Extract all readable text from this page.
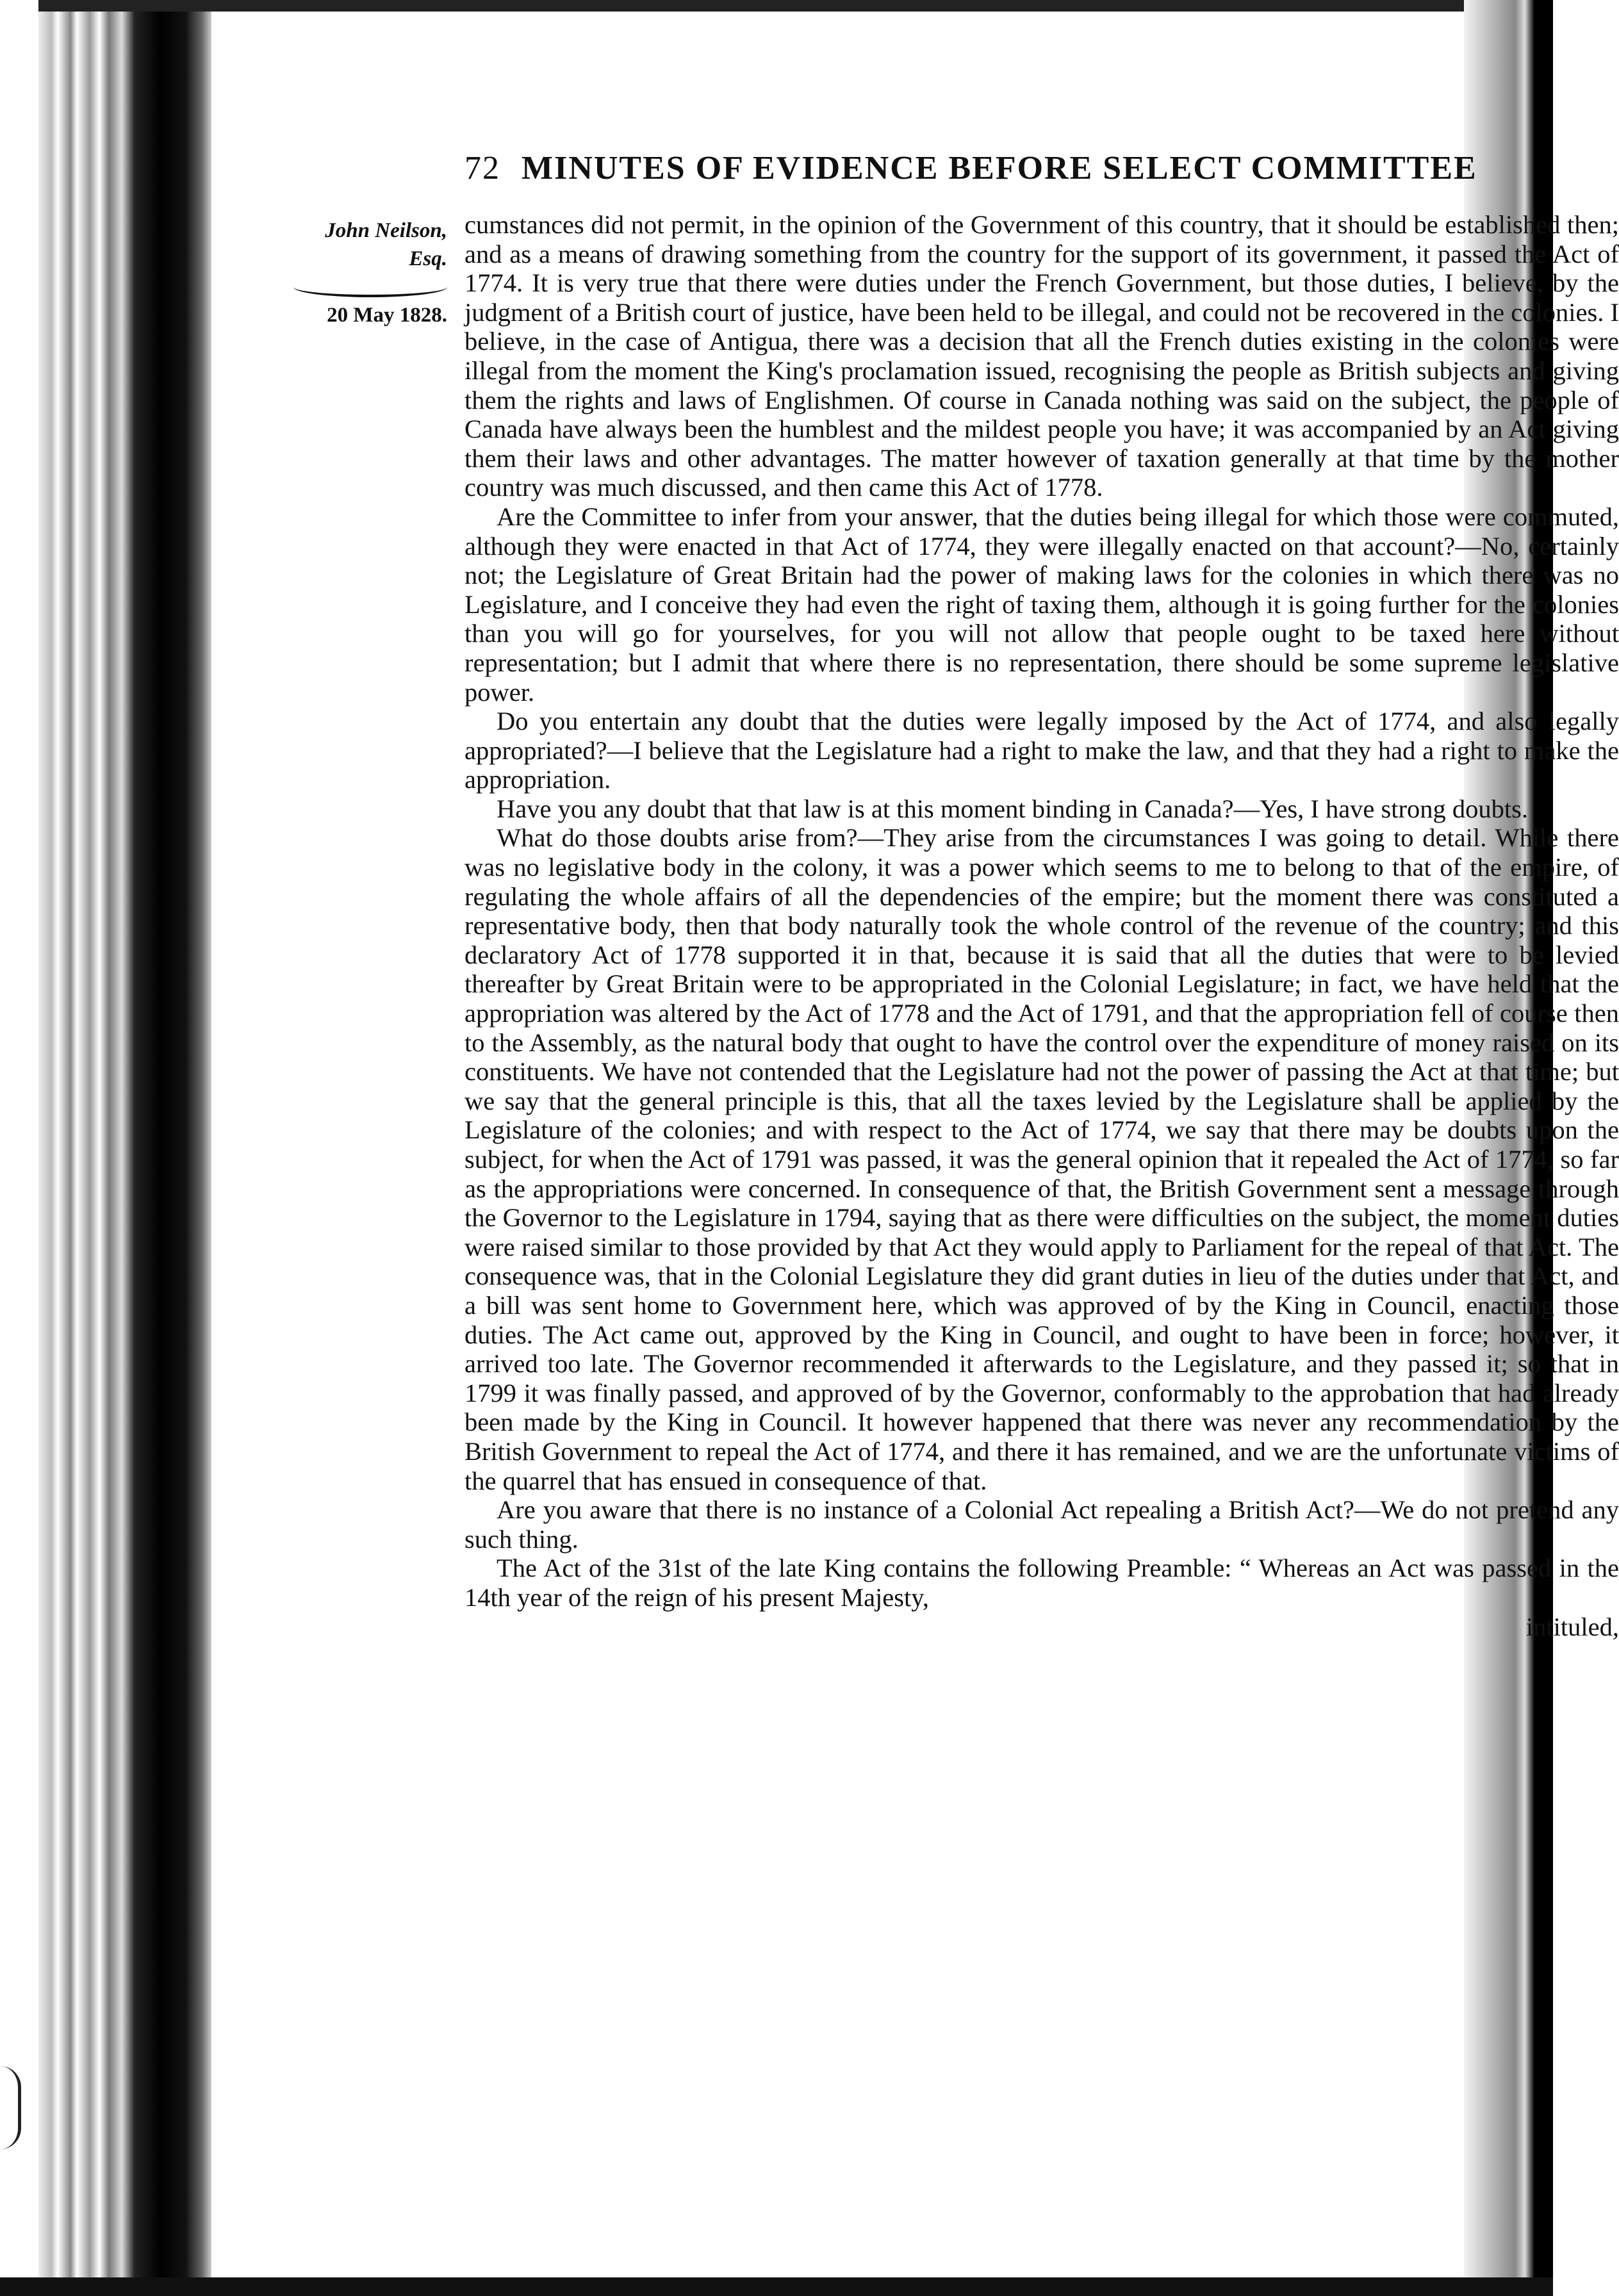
72 MINUTES OF EVIDENCE BEFORE SELECT COMMITTEE
John Neilson,
Esq.
20 May 1828.

cumstances did not permit, in the opinion of the Government of this country, that it should be established then; and as a means of drawing something from the country for the support of its government, it passed the Act of 1774. It is very true that there were duties under the French Government, but those duties, I believe, by the judgment of a British court of justice, have been held to be illegal, and could not be recovered in the colonies. I believe, in the case of Antigua, there was a decision that all the French duties existing in the colonies were illegal from the moment the King's proclamation issued, recognising the people as British subjects and giving them the rights and laws of Englishmen. Of course in Canada nothing was said on the subject, the people of Canada have always been the humblest and the mildest people you have; it was accompanied by an Act giving them their laws and other advantages. The matter however of taxation generally at that time by the mother country was much discussed, and then came this Act of 1778.

Are the Committee to infer from your answer, that the duties being illegal for which those were commuted, although they were enacted in that Act of 1774, they were illegally enacted on that account?—No, certainly not; the Legislature of Great Britain had the power of making laws for the colonies in which there was no Legislature, and I conceive they had even the right of taxing them, although it is going further for the colonies than you will go for yourselves, for you will not allow that people ought to be taxed here without representation; but I admit that where there is no representation, there should be some supreme legislative power.

Do you entertain any doubt that the duties were legally imposed by the Act of 1774, and also legally appropriated?—I believe that the Legislature had a right to make the law, and that they had a right to make the appropriation.

Have you any doubt that that law is at this moment binding in Canada?—Yes, I have strong doubts.

What do those doubts arise from?—They arise from the circumstances I was going to detail. While there was no legislative body in the colony, it was a power which seems to me to belong to that of the empire, of regulating the whole affairs of all the dependencies of the empire; but the moment there was constituted a representative body, then that body naturally took the whole control of the revenue of the country; and this declaratory Act of 1778 supported it in that, because it is said that all the duties that were to be levied thereafter by Great Britain were to be appropriated in the Colonial Legislature; in fact, we have held that the appropriation was altered by the Act of 1778 and the Act of 1791, and that the appropriation fell of course then to the Assembly, as the natural body that ought to have the control over the expenditure of money raised on its constituents. We have not contended that the Legislature had not the power of passing the Act at that time; but we say that the general principle is this, that all the taxes levied by the Legislature shall be applied by the Legislature of the colonies; and with respect to the Act of 1774, we say that there may be doubts upon the subject, for when the Act of 1791 was passed, it was the general opinion that it repealed the Act of 1774, so far as the appropriations were concerned. In consequence of that, the British Government sent a message through the Governor to the Legislature in 1794, saying that as there were difficulties on the subject, the moment duties were raised similar to those provided by that Act they would apply to Parliament for the repeal of that Act. The consequence was, that in the Colonial Legislature they did grant duties in lieu of the duties under that Act, and a bill was sent home to Government here, which was approved of by the King in Council, enacting those duties. The Act came out, approved by the King in Council, and ought to have been in force; however, it arrived too late. The Governor recommended it afterwards to the Legislature, and they passed it; so that in 1799 it was finally passed, and approved of by the Governor, conformably to the approbation that had already been made by the King in Council. It however happened that there was never any recommendation by the British Government to repeal the Act of 1774, and there it has remained, and we are the unfortunate victims of the quarrel that has ensued in consequence of that.

Are you aware that there is no instance of a Colonial Act repealing a British Act?—We do not pretend any such thing.

The Act of the 31st of the late King contains the following Preamble: “ Whereas an Act was passed in the 14th year of the reign of his present Majesty,

intituled,
